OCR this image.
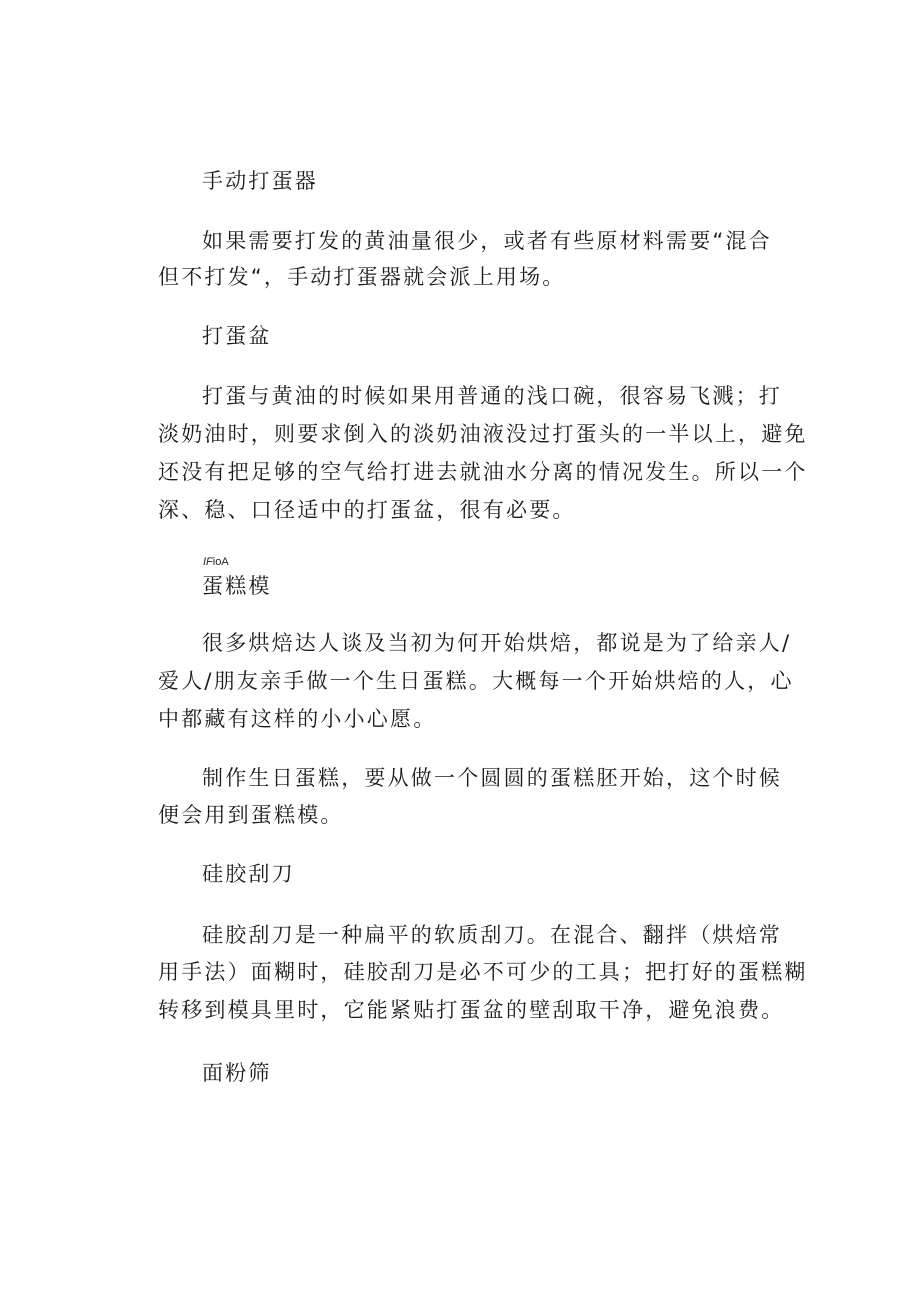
手动打蛋器

如果需要打发的黄油量很少，或者有些原材料需要“混合

但不打发“，手动打蛋器就会派上用场。

打蛋盆

打蛋与黄油的时候如果用普通的浅口碗，很容易飞溅；打

淡奶油时，则要求倒入的淡奶油液没过打蛋头的一半以上，避免

还没有把足够的空气给打进去就油水分离的情况发生。所以一个

深、稳、口径适中的打蛋盆，很有必要。

IFioA

蛋糕模

很多烘焙达人谈及当初为何开始烘焙，都说是为了给亲人/

爱人/朋友亲手做一个生日蛋糕。大概每一个开始烘焙的人，心

中都藏有这样的小小心愿。

制作生日蛋糕，要从做一个圆圆的蛋糕胚开始，这个时候

便会用到蛋糕模。

硅胶刮刀

硅胶刮刀是一种扁平的软质刮刀。在混合、翻拌（烘焙常

用手法）面糊时，硅胶刮刀是必不可少的工具；把打好的蛋糕糊

转移到模具里时，它能紧贴打蛋盆的壁刮取干净，避免浪费。

面粉筛
